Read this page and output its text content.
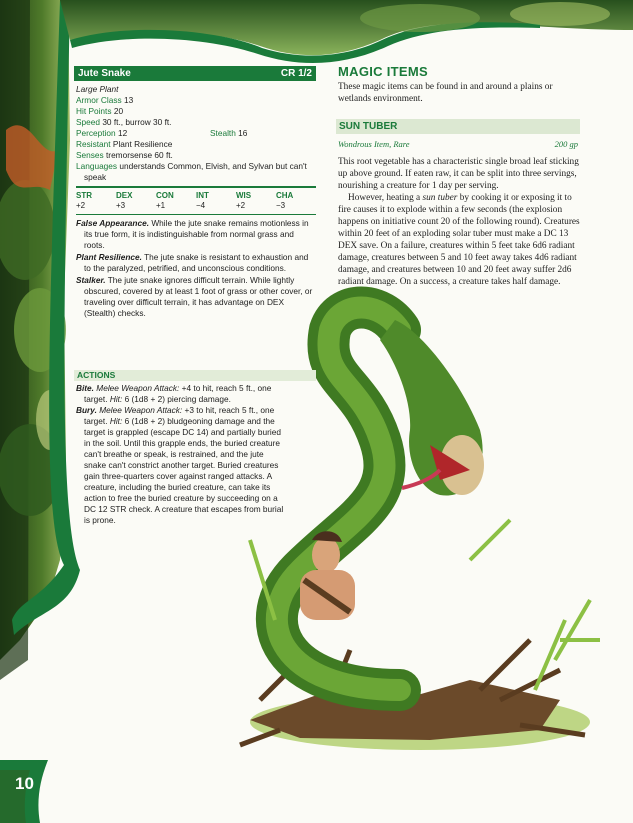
Jute Snake	CR 1/2
Large Plant
Armor Class 13
Hit Points 20
Speed 30 ft., burrow 30 ft.
Perception 12	Stealth 16
Resistant Plant Resilience
Senses tremorsense 60 ft.
Languages understands Common, Elvish, and Sylvan but can't speak
STR	DEX	CON	INT	WIS	CHA
+2	+3	+1	−4	+2	−3

False Appearance. While the jute snake remains motionless in its true form, it is indistinguishable from normal grass and roots.

Plant Resilience. The jute snake is resistant to exhaustion and to the paralyzed, petrified, and unconscious conditions.

Stalker. The jute snake ignores difficult terrain. While lightly obscured, covered by at least 1 foot of grass or other cover, or traveling over difficult terrain, it has advantage on DEX (Stealth) checks.

ACTIONS

Bite. Melee Weapon Attack: +4 to hit, reach 5 ft., one target. Hit: 6 (1d8 + 2) piercing damage.

Bury. Melee Weapon Attack: +3 to hit, reach 5 ft., one target. Hit: 6 (1d8 + 2) bludgeoning damage and the target is grappled (escape DC 14) and partially buried in the soil. Until this grapple ends, the buried creature can't breathe or speak, is restrained, and the jute snake can't constrict another target. Buried creatures gain three-quarters cover against ranged attacks. A creature, including the buried creature, can take its action to free the buried creature by succeeding on a DC 12 STR check. A creature that escapes from burial is prone.

MAGIC ITEMS
These magic items can be found in and around a plains or wetlands environment.
SUN TUBER
Wondrous Item, Rare	200 gp

This root vegetable has a characteristic single broad leaf sticking up above ground. If eaten raw, it can be split into three servings, nourishing a creature for 1 day per serving.

However, heating a sun tuber by cooking it or exposing it to fire causes it to explode within a few seconds (the explosion happens on initiative count 20 of the following round). Creatures within 20 feet of an exploding solar tuber must make a DC 13 DEX save. On a failure, creatures within 5 feet take 6d6 radiant damage, creatures between 5 and 10 feet away takes 4d6 radiant damage, and creatures between 10 and 20 feet away suffer 2d6 radiant damage. On a success, a creature takes half damage.

10
